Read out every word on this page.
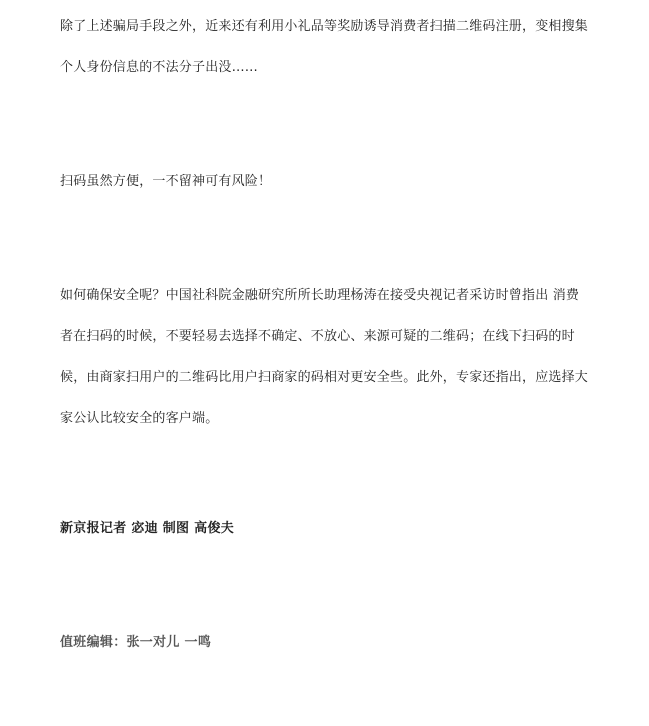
除了上述骗局手段之外，近来还有利用小礼品等奖励诱导消费者扫描二维码注册，变相搜集个人身份信息的不法分子出没……

扫码虽然方便，一不留神可有风险！

如何确保安全呢？中国社科院金融研究所所长助理杨涛在接受央视记者采访时曾指出 消费者在扫码的时候，不要轻易去选择不确定、不放心、来源可疑的二维码；在线下扫码的时候，由商家扫用户的二维码比用户扫商家的码相对更安全些。此外，专家还指出，应选择大家公认比较安全的客户端。

新京报记者 宓迪 制图 高俊夫

值班编辑：张一对儿 一鸣
